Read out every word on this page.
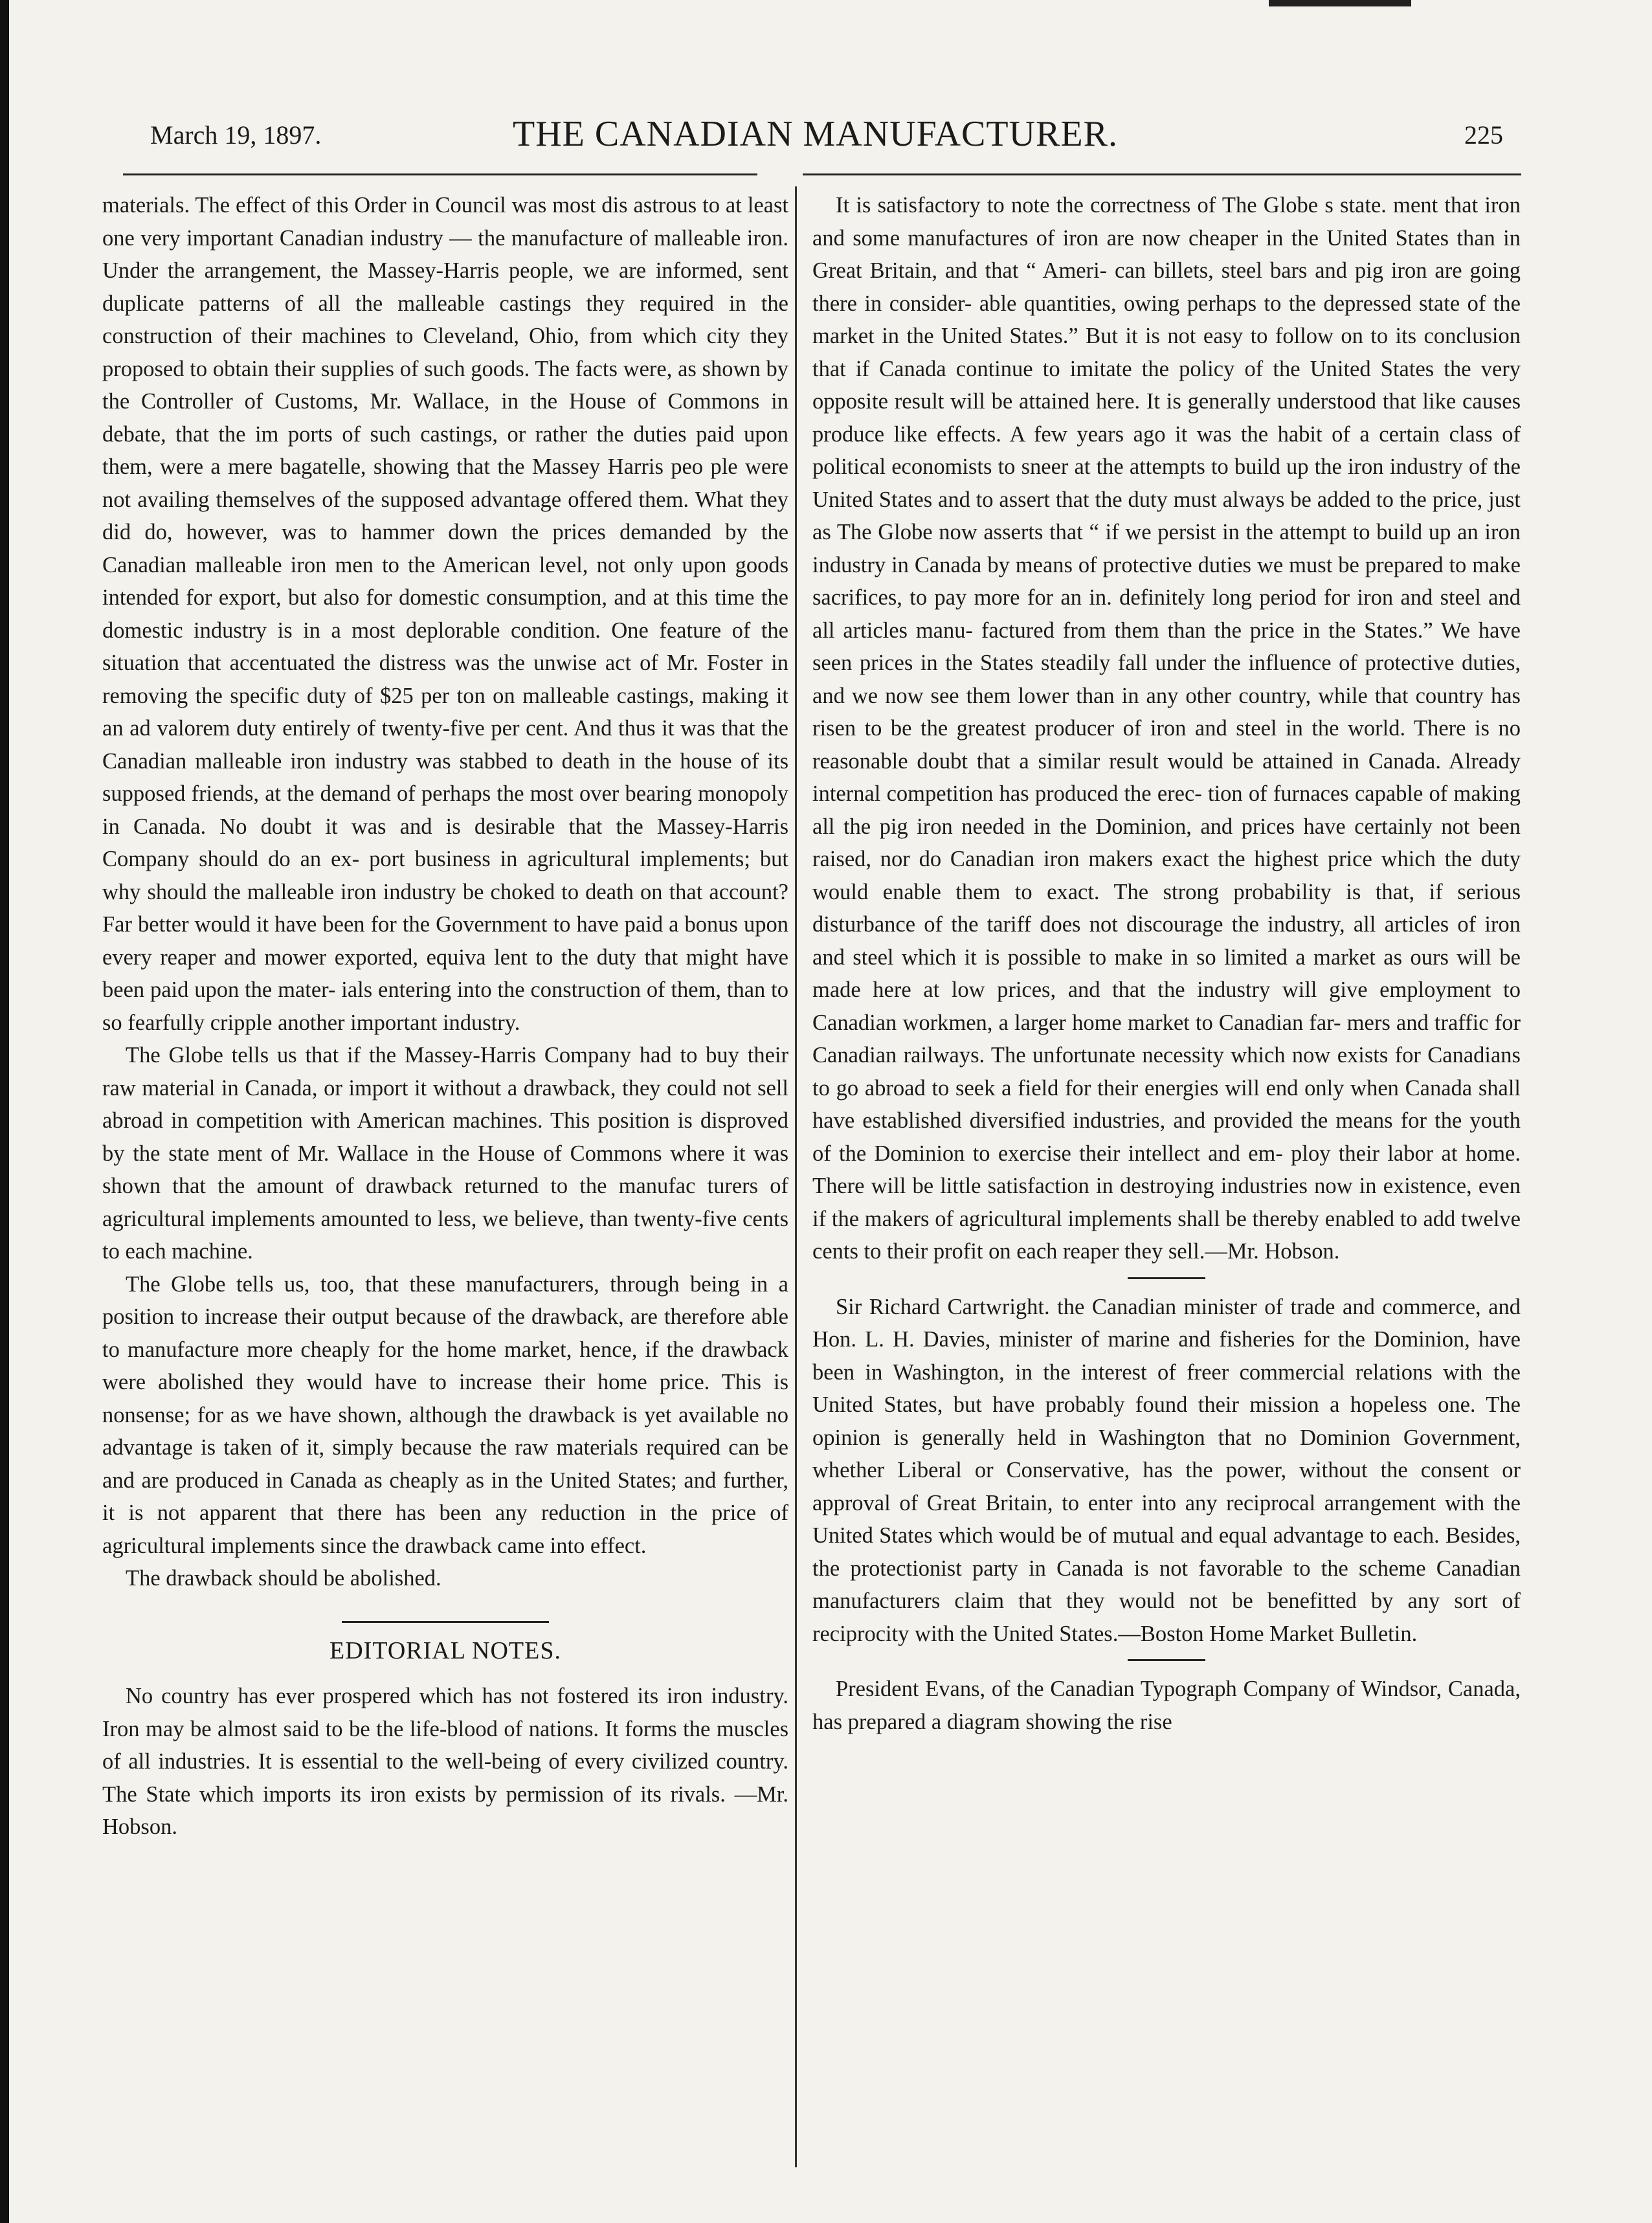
March 19, 1897.	THE CANADIAN MANUFACTURER.	225

materials. The effect of this Order in Council was most dis astrous to at least one very important Canadian industry — the manufacture of malleable iron. Under the arrangement, the Massey-Harris people, we are informed, sent duplicate patterns of all the malleable castings they required in the construction of their machines to Cleveland, Ohio, from which city they proposed to obtain their supplies of such goods. The facts were, as shown by the Controller of Customs, Mr. Wallace, in the House of Commons in debate, that the im ports of such castings, or rather the duties paid upon them, were a mere bagatelle, showing that the Massey Harris peo ple were not availing themselves of the supposed advantage offered them. What they did do, however, was to hammer down the prices demanded by the Canadian malleable iron men to the American level, not only upon goods intended for export, but also for domestic consumption, and at this time the domestic industry is in a most deplorable condition. One feature of the situation that accentuated the distress was the unwise act of Mr. Foster in removing the specific duty of $25 per ton on malleable castings, making it an ad valorem duty entirely of twenty-five per cent. And thus it was that the Canadian malleable iron industry was stabbed to death in the house of its supposed friends, at the demand of perhaps the most over bearing monopoly in Canada. No doubt it was and is desirable that the Massey-Harris Company should do an ex- port business in agricultural implements; but why should the malleable iron industry be choked to death on that account? Far better would it have been for the Government to have paid a bonus upon every reaper and mower exported, equiva lent to the duty that might have been paid upon the mater- ials entering into the construction of them, than to so fearfully cripple another important industry.

The Globe tells us that if the Massey-Harris Company had to buy their raw material in Canada, or import it without a drawback, they could not sell abroad in competition with American machines. This position is disproved by the state ment of Mr. Wallace in the House of Commons where it was shown that the amount of drawback returned to the manufac turers of agricultural implements amounted to less, we believe, than twenty-five cents to each machine.

The Globe tells us, too, that these manufacturers, through being in a position to increase their output because of the drawback, are therefore able to manufacture more cheaply for the home market, hence, if the drawback were abolished they would have to increase their home price. This is nonsense; for as we have shown, although the drawback is yet available no advantage is taken of it, simply because the raw materials required can be and are produced in Canada as cheaply as in the United States; and further, it is not apparent that there has been any reduction in the price of agricultural implements since the drawback came into effect.

The drawback should be abolished.

EDITORIAL NOTES.

No country has ever prospered which has not fostered its iron industry. Iron may be almost said to be the life-blood of nations. It forms the muscles of all industries. It is essential to the well-being of every civilized country. The State which imports its iron exists by permission of its rivals. —Mr. Hobson.

It is satisfactory to note the correctness of The Globe s state. ment that iron and some manufactures of iron are now cheaper in the United States than in Great Britain, and that “ Ameri- can billets, steel bars and pig iron are going there in consider- able quantities, owing perhaps to the depressed state of the market in the United States.” But it is not easy to follow on to its conclusion that if Canada continue to imitate the policy of the United States the very opposite result will be attained here. It is generally understood that like causes produce like effects. A few years ago it was the habit of a certain class of political economists to sneer at the attempts to build up the iron industry of the United States and to assert that the duty must always be added to the price, just as The Globe now asserts that “ if we persist in the attempt to build up an iron industry in Canada by means of protective duties we must be prepared to make sacrifices, to pay more for an in. definitely long period for iron and steel and all articles manu- factured from them than the price in the States.” We have seen prices in the States steadily fall under the influence of protective duties, and we now see them lower than in any other country, while that country has risen to be the greatest producer of iron and steel in the world. There is no reasonable doubt that a similar result would be attained in Canada. Already internal competition has produced the erec- tion of furnaces capable of making all the pig iron needed in the Dominion, and prices have certainly not been raised, nor do Canadian iron makers exact the highest price which the duty would enable them to exact. The strong probability is that, if serious disturbance of the tariff does not discourage the industry, all articles of iron and steel which it is possible to make in so limited a market as ours will be made here at low prices, and that the industry will give employment to Canadian workmen, a larger home market to Canadian far- mers and traffic for Canadian railways. The unfortunate necessity which now exists for Canadians to go abroad to seek a field for their energies will end only when Canada shall have established diversified industries, and provided the means for the youth of the Dominion to exercise their intellect and em- ploy their labor at home. There will be little satisfaction in destroying industries now in existence, even if the makers of agricultural implements shall be thereby enabled to add twelve cents to their profit on each reaper they sell.—Mr. Hobson.

Sir Richard Cartwright. the Canadian minister of trade and commerce, and Hon. L. H. Davies, minister of marine and fisheries for the Dominion, have been in Washington, in the interest of freer commercial relations with the United States, but have probably found their mission a hopeless one. The opinion is generally held in Washington that no Dominion Government, whether Liberal or Conservative, has the power, without the consent or approval of Great Britain, to enter into any reciprocal arrangement with the United States which would be of mutual and equal advantage to each. Besides, the protectionist party in Canada is not favorable to the scheme Canadian manufacturers claim that they would not be benefitted by any sort of reciprocity with the United States.—Boston Home Market Bulletin.

President Evans, of the Canadian Typograph Company of Windsor, Canada, has prepared a diagram showing the rise
